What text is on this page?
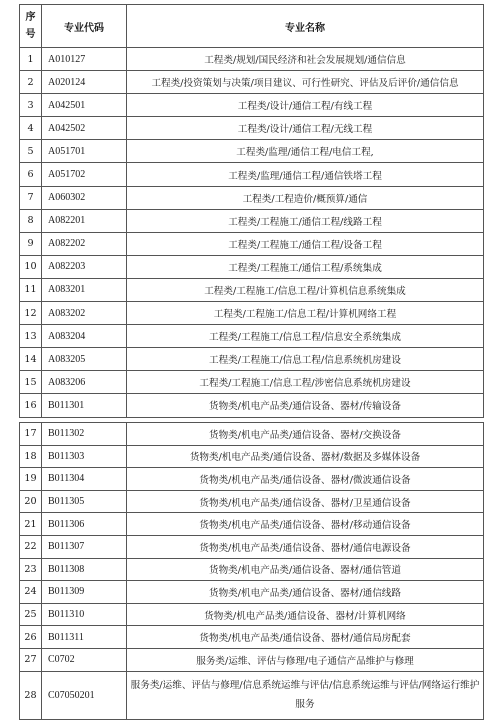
序号	专业代码	专业名称
1	A010127	工程类/规划/国民经济和社会发展规划/通信信息
2	A020124	工程类/投资策划与决策/项目建议、可行性研究、评估及后评价/通信信息
3	A042501	工程类/设计/通信工程/有线工程
4	A042502	工程类/设计/通信工程/无线工程
5	A051701	工程类/监理/通信工程/电信工程,
6	A051702	工程类/监理/通信工程/通信铁塔工程
7	A060302	工程类/工程造价/概预算/通信
8	A082201	工程类/工程施工/通信工程/线路工程
9	A082202	工程类/工程施工/通信工程/设备工程
10	A082203	工程类/工程施工/通信工程/系统集成
11	A083201	工程类/工程施工/信息工程/计算机信息系统集成
12	A083202	工程类/工程施工/信息工程/计算机网络工程
13	A083204	工程类/工程施工/信息工程/信息安全系统集成
14	A083205	工程类/工程施工/信息工程/信息系统机房建设
15	A083206	工程类/工程施工/信息工程/涉密信息系统机房建设
16	B011301	货物类/机电产品类/通信设备、器材/传输设备
17	B011302	货物类/机电产品类/通信设备、器材/交换设备
18	B011303	货物类/机电产品类/通信设备、器材/数据及多媒体设备
19	B011304	货物类/机电产品类/通信设备、器材/微波通信设备
20	B011305	货物类/机电产品类/通信设备、器材/卫星通信设备
21	B011306	货物类/机电产品类/通信设备、器材/移动通信设备
22	B011307	货物类/机电产品类/通信设备、器材/通信电源设备
23	B011308	货物类/机电产品类/通信设备、器材/通信管道
24	B011309	货物类/机电产品类/通信设备、器材/通信线路
25	B011310	货物类/机电产品类/通信设备、器材/计算机网络
26	B011311	货物类/机电产品类/通信设备、器材/通信局房配套
27	C0702	服务类/运维、评估与修理/电子通信产品维护与修理
28	C07050201	服务类/运维、评估与修理/信息系统运维与评估/信息系统运维与评估/网络运行维护服务
